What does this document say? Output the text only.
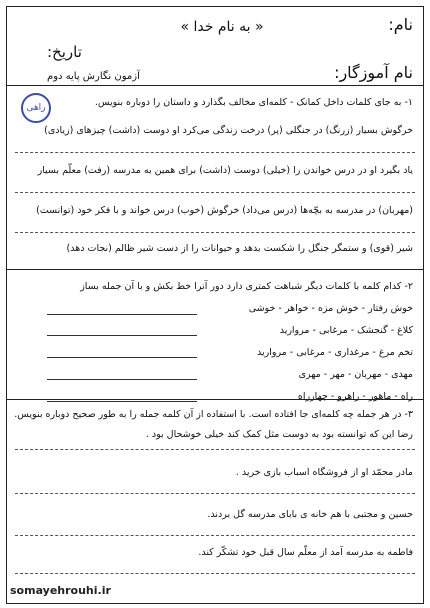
نام:
« به نام خدا »
تاریخ:
نام آموزگار:
آزمون نگارش پایه دوم
راهی	۱- به جای کلمات داخل کمانک - کلمه‌ای مخالف بگذارد و داستان را دوباره بنویس.
خرگوش بسیار (زرنگ) در جنگلی (پر) درخت زندگی می‌کرد او دوست (داشت) چیزهای (زیادی)
یاد بگیرد او در درس خواندن را (خیلی) دوست (داشت) برای همین به مدرسه (رفت) معلّم بسیار
(مهربان) در مدرسه به بچّه‌ها (درس می‌داد) خرگوش (خوب) درس خواند و با فکر خود (توانست)
شیر (قوی) و ستمگر جنگل را شکست بدهد و حیوانات را از دست شیر ظالم (نجات دهد)
۲- کدام کلمه با کلمات دیگر شباهت کمتری دارد دور آنرا خط بکش و با آن جمله بساز
خوش رفتار - خوش مزه - خواهر - خوشی
کلاغ - گنجشک - مرغابی - مروارید
تخم مرغ - مرغداری - مرغابی - مروارید
مهدی - مهربان - مهر - مهری
راه - ماهور - راهرو - چهارراه
۳- در هر جمله چه کلمه‌ای جا افتاده است. با استفاده از آن کلمه جمله را به طور صحیح دوباره بنویس.
رضا این که توانسته بود به دوست مثل کمک کند خیلی خوشحال بود .
مادر محمّد او از فروشگاه اسباب بازی خرید .
حسین و مجتبی با هم خانه ی بابای مدرسه گل بردند.
فاطمه به مدرسه آمد از معلّم سال قبل خود تشکّر کند.
somayehrouhi.ir
